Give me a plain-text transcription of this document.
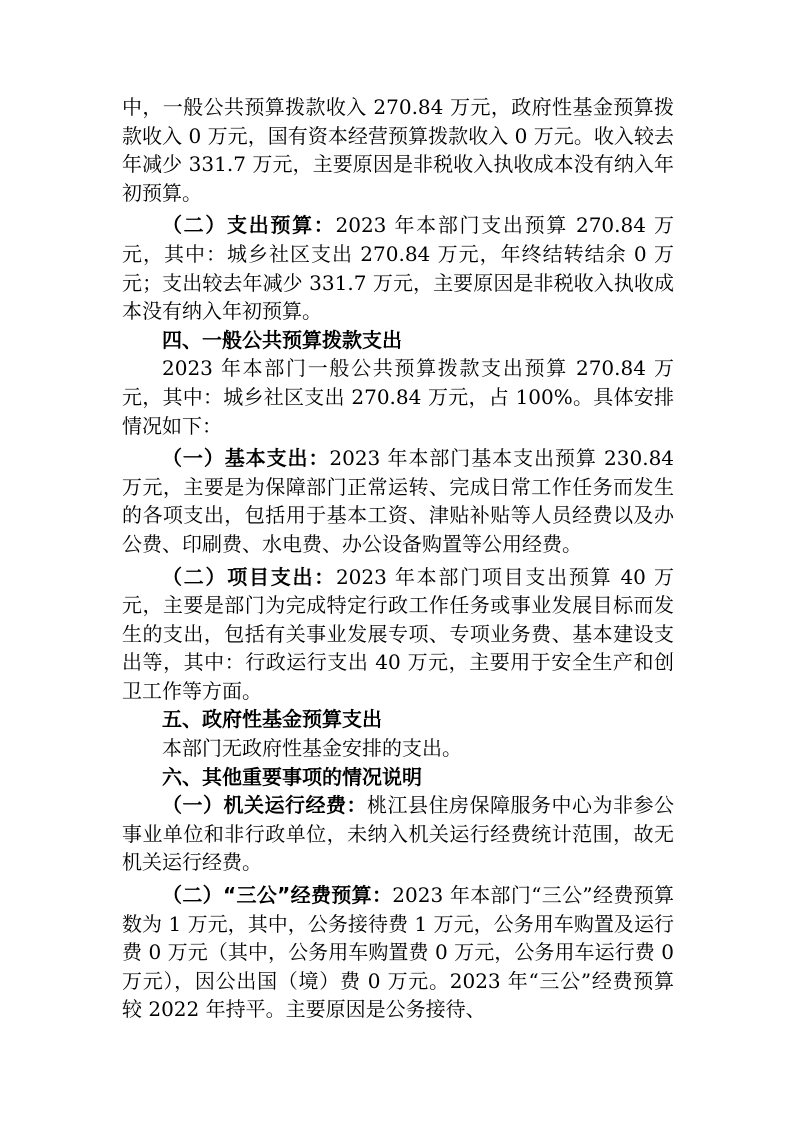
中，一般公共预算拨款收入 270.84 万元，政府性基金预算拨款收入 0 万元，国有资本经营预算拨款收入 0 万元。收入较去年减少 331.7 万元，主要原因是非税收入执收成本没有纳入年初预算。

（二）支出预算：2023 年本部门支出预算 270.84 万元，其中：城乡社区支出 270.84 万元，年终结转结余 0 万元；支出较去年减少 331.7 万元，主要原因是非税收入执收成本没有纳入年初预算。

四、一般公共预算拨款支出

2023 年本部门一般公共预算拨款支出预算 270.84 万元，其中：城乡社区支出 270.84 万元，占 100%。具体安排情况如下：

（一）基本支出：2023 年本部门基本支出预算 230.84 万元，主要是为保障部门正常运转、完成日常工作任务而发生的各项支出，包括用于基本工资、津贴补贴等人员经费以及办公费、印刷费、水电费、办公设备购置等公用经费。

（二）项目支出：2023 年本部门项目支出预算 40 万元，主要是部门为完成特定行政工作任务或事业发展目标而发生的支出，包括有关事业发展专项、专项业务费、基本建设支出等，其中：行政运行支出 40 万元，主要用于安全生产和创卫工作等方面。

五、政府性基金预算支出

本部门无政府性基金安排的支出。

六、其他重要事项的情况说明

（一）机关运行经费：桃江县住房保障服务中心为非参公事业单位和非行政单位，未纳入机关运行经费统计范围，故无机关运行经费。

（二）“三公”经费预算：2023 年本部门“三公”经费预算数为 1 万元，其中，公务接待费 1 万元，公务用车购置及运行费 0 万元（其中，公务用车购置费 0 万元，公务用车运行费 0 万元），因公出国（境）费 0 万元。2023 年“三公”经费预算较 2022 年持平。主要原因是公务接待、
